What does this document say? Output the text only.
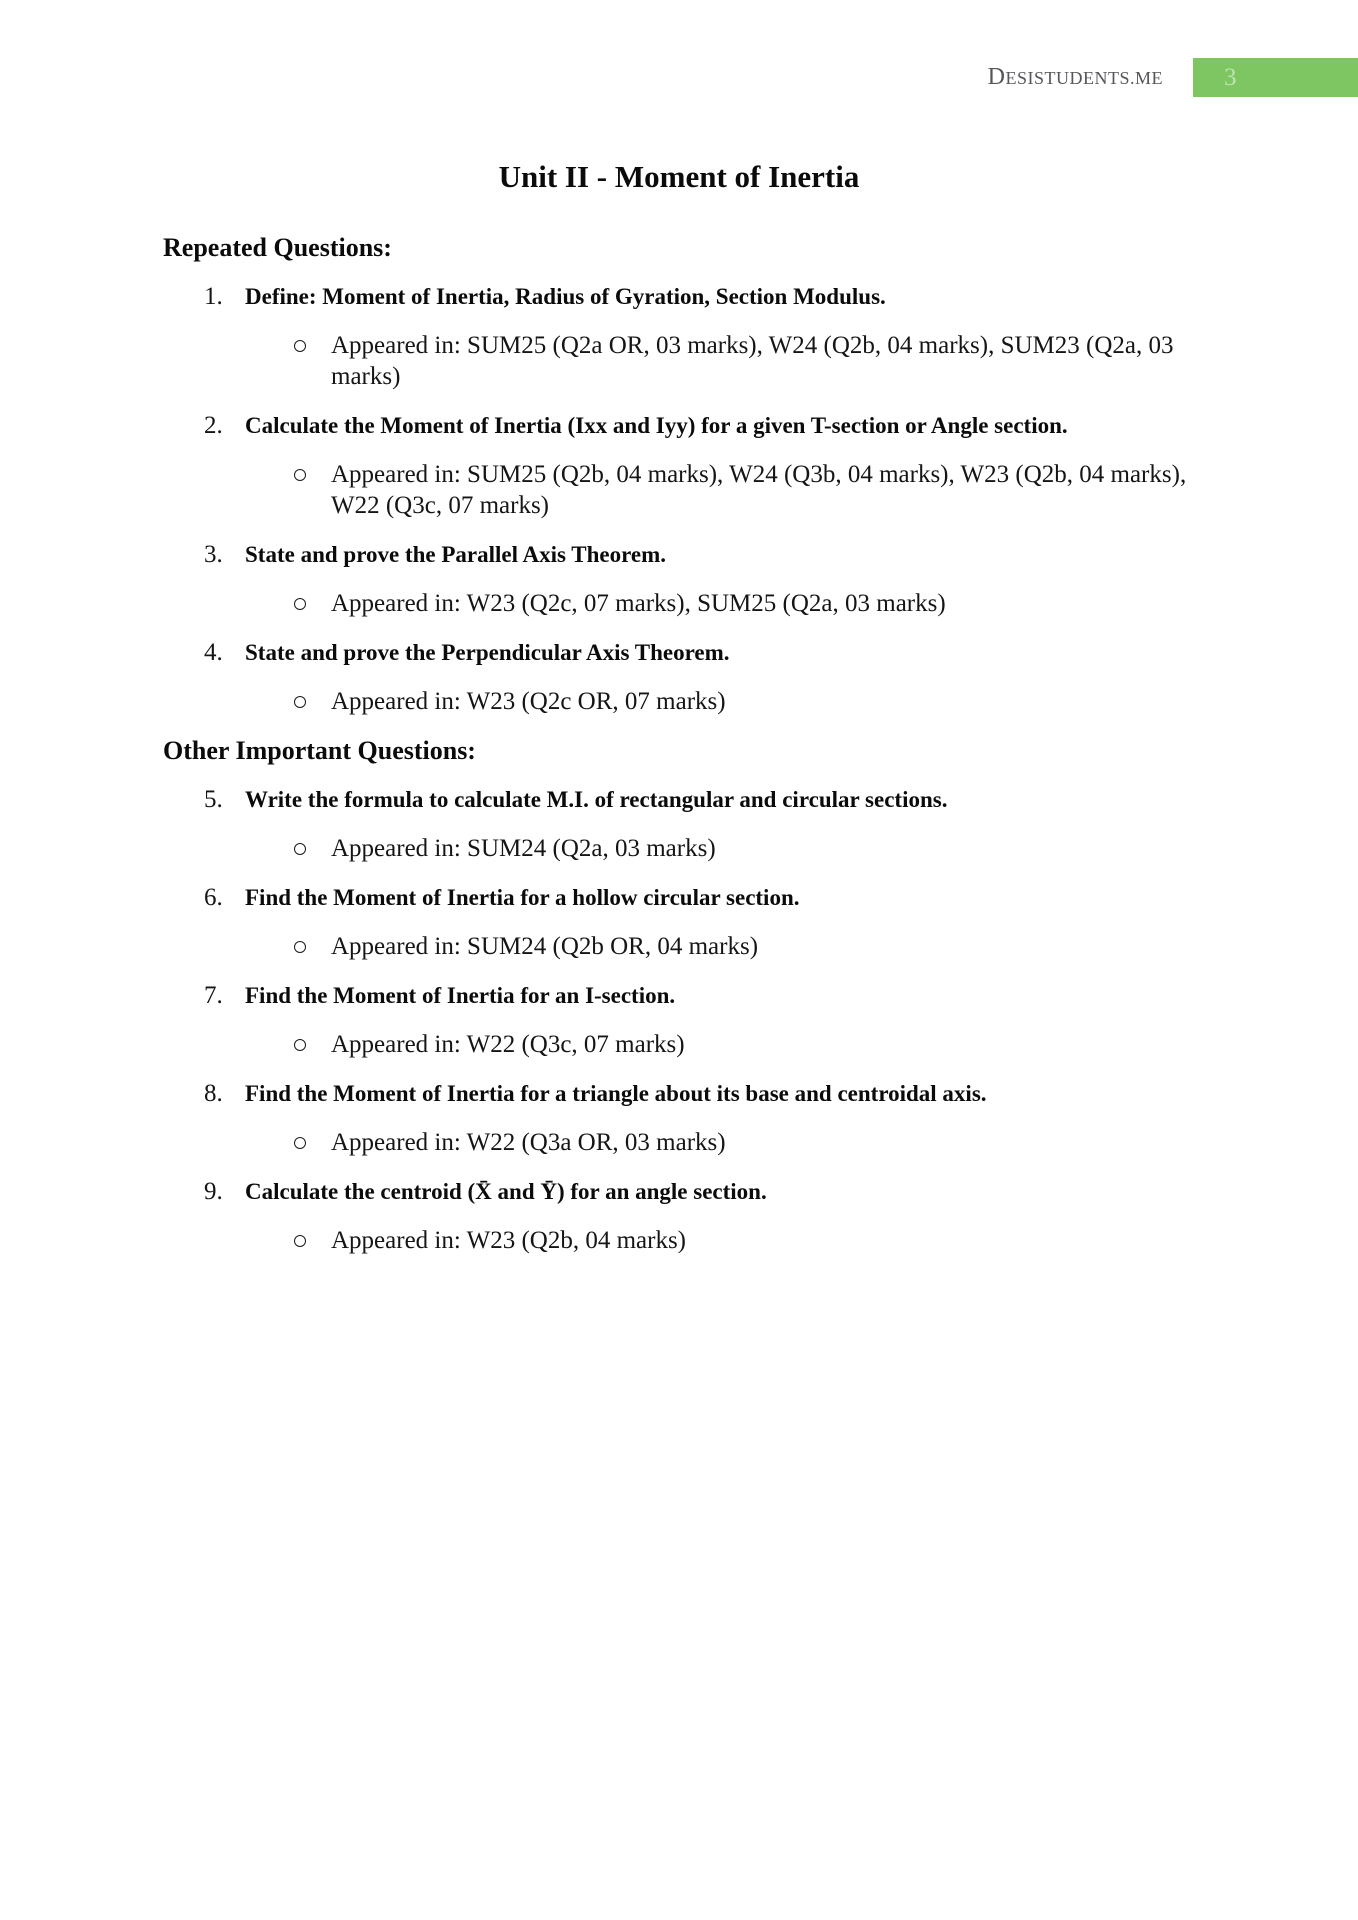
DESISTUDENTS.ME	3
Unit II - Moment of Inertia
Repeated Questions:
1. Define: Moment of Inertia, Radius of Gyration, Section Modulus.
Appeared in: SUM25 (Q2a OR, 03 marks), W24 (Q2b, 04 marks), SUM23 (Q2a, 03 marks)
2. Calculate the Moment of Inertia (Ixx and Iyy) for a given T-section or Angle section.
Appeared in: SUM25 (Q2b, 04 marks), W24 (Q3b, 04 marks), W23 (Q2b, 04 marks), W22 (Q3c, 07 marks)
3. State and prove the Parallel Axis Theorem.
Appeared in: W23 (Q2c, 07 marks), SUM25 (Q2a, 03 marks)
4. State and prove the Perpendicular Axis Theorem.
Appeared in: W23 (Q2c OR, 07 marks)
Other Important Questions:
5. Write the formula to calculate M.I. of rectangular and circular sections.
Appeared in: SUM24 (Q2a, 03 marks)
6. Find the Moment of Inertia for a hollow circular section.
Appeared in: SUM24 (Q2b OR, 04 marks)
7. Find the Moment of Inertia for an I-section.
Appeared in: W22 (Q3c, 07 marks)
8. Find the Moment of Inertia for a triangle about its base and centroidal axis.
Appeared in: W22 (Q3a OR, 03 marks)
9. Calculate the centroid (X̄ and Ȳ) for an angle section.
Appeared in: W23 (Q2b, 04 marks)
